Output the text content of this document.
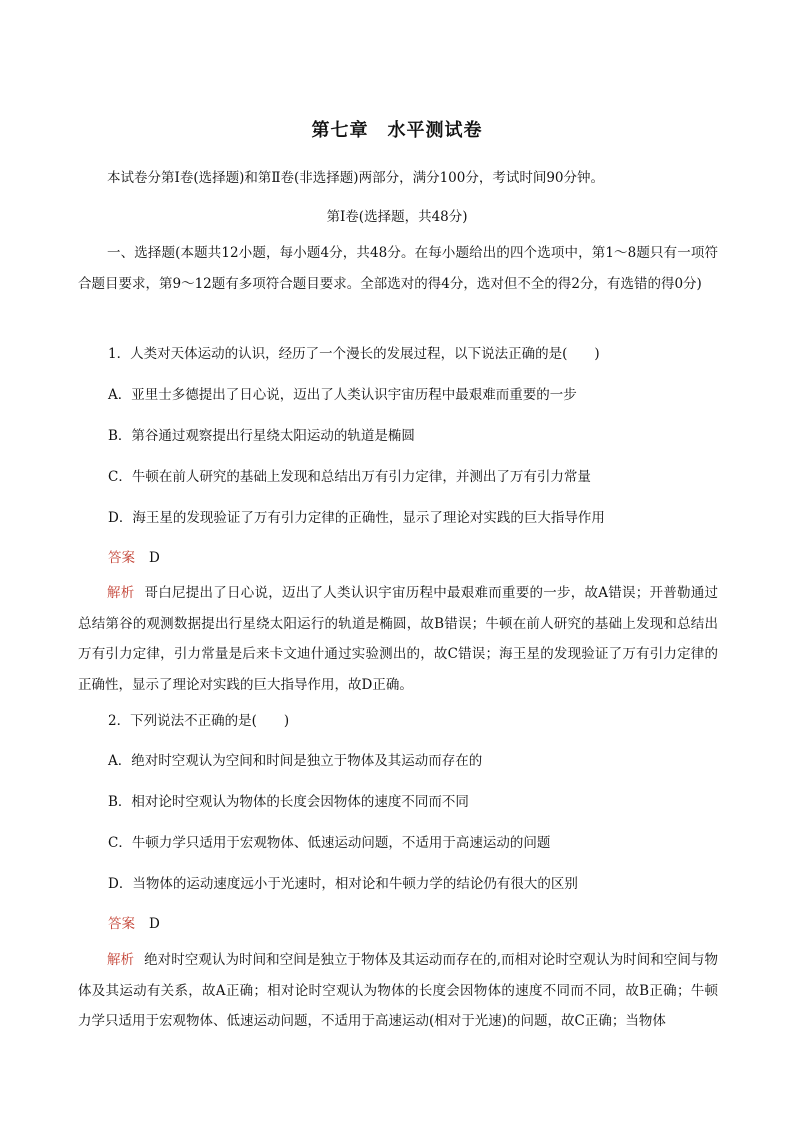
第七章　水平测试卷
本试卷分第Ⅰ卷(选择题)和第Ⅱ卷(非选择题)两部分，满分100分，考试时间90分钟。
第Ⅰ卷(选择题，共48分)
一、选择题(本题共12小题，每小题4分，共48分。在每小题给出的四个选项中，第1～8题只有一项符合题目要求，第9～12题有多项符合题目要求。全部选对的得4分，选对但不全的得2分，有选错的得0分)
1．人类对天体运动的认识，经历了一个漫长的发展过程，以下说法正确的是(　　)
A．亚里士多德提出了日心说，迈出了人类认识宇宙历程中最艰难而重要的一步
B．第谷通过观察提出行星绕太阳运动的轨道是椭圆
C．牛顿在前人研究的基础上发现和总结出万有引力定律，并测出了万有引力常量
D．海王星的发现验证了万有引力定律的正确性，显示了理论对实践的巨大指导作用
答案 D
解析 哥白尼提出了日心说，迈出了人类认识宇宙历程中最艰难而重要的一步，故A错误；开普勒通过总结第谷的观测数据提出行星绕太阳运行的轨道是椭圆，故B错误；牛顿在前人研究的基础上发现和总结出万有引力定律，引力常量是后来卡文迪什通过实验测出的，故C错误；海王星的发现验证了万有引力定律的正确性，显示了理论对实践的巨大指导作用，故D正确。
2．下列说法不正确的是(　　)
A．绝对时空观认为空间和时间是独立于物体及其运动而存在的
B．相对论时空观认为物体的长度会因物体的速度不同而不同
C．牛顿力学只适用于宏观物体、低速运动问题，不适用于高速运动的问题
D．当物体的运动速度远小于光速时，相对论和牛顿力学的结论仍有很大的区别
答案 D
解析 绝对时空观认为时间和空间是独立于物体及其运动而存在的,而相对论时空观认为时间和空间与物体及其运动有关系，故A正确；相对论时空观认为物体的长度会因物体的速度不同而不同，故B正确；牛顿力学只适用于宏观物体、低速运动问题，不适用于高速运动(相对于光速)的问题，故C正确；当物体
